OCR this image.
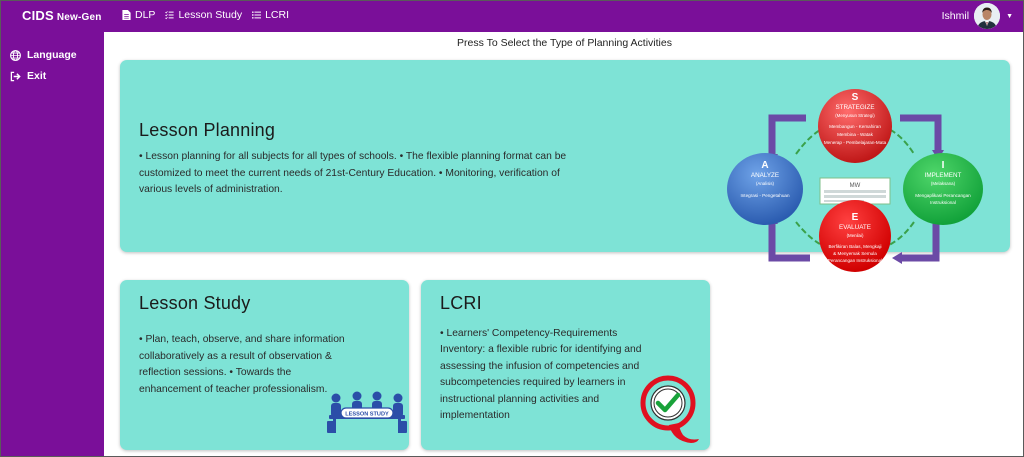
CIDS New-Gen	DLP Lesson Study LCRI	Ishmil	▼
Language
Exit
Press To Select the Type of Planning Activities
Lesson Planning

• Lesson planning for all subjects for all types of schools. • The flexible planning format can be customized to meet the current needs of 21st-Century Education. • Monitoring, verification of various levels of administration.	MW
S
STRATEGIZE
(Menyusun Strategi)
Membangun - Kemahiran
Membina - Watak
Menerap - Pembelajaran-Mata
A
ANALYZE
(Analisis)
Integrasi - Pengetahuan
I
IMPLEMENT
(Melaksana)
Mengaplikasi Perancangan
Instruksional
E
EVALUATE
(Menilai)
Berfikiran Balas, Mengkaji
& Menyemak Semula
Perancangan Instruksional
Lesson Study

• Plan, teach, observe, and share information collaboratively as a result of observation & reflection sessions. • Towards the enhancement of teacher professionalism.

LESSON STUDY
LCRI

• Learners' Competency-Requirements Inventory: a flexible rubric for identifying and assessing the infusion of competencies and subcompetencies required by learners in instructional planning activities and implementation
